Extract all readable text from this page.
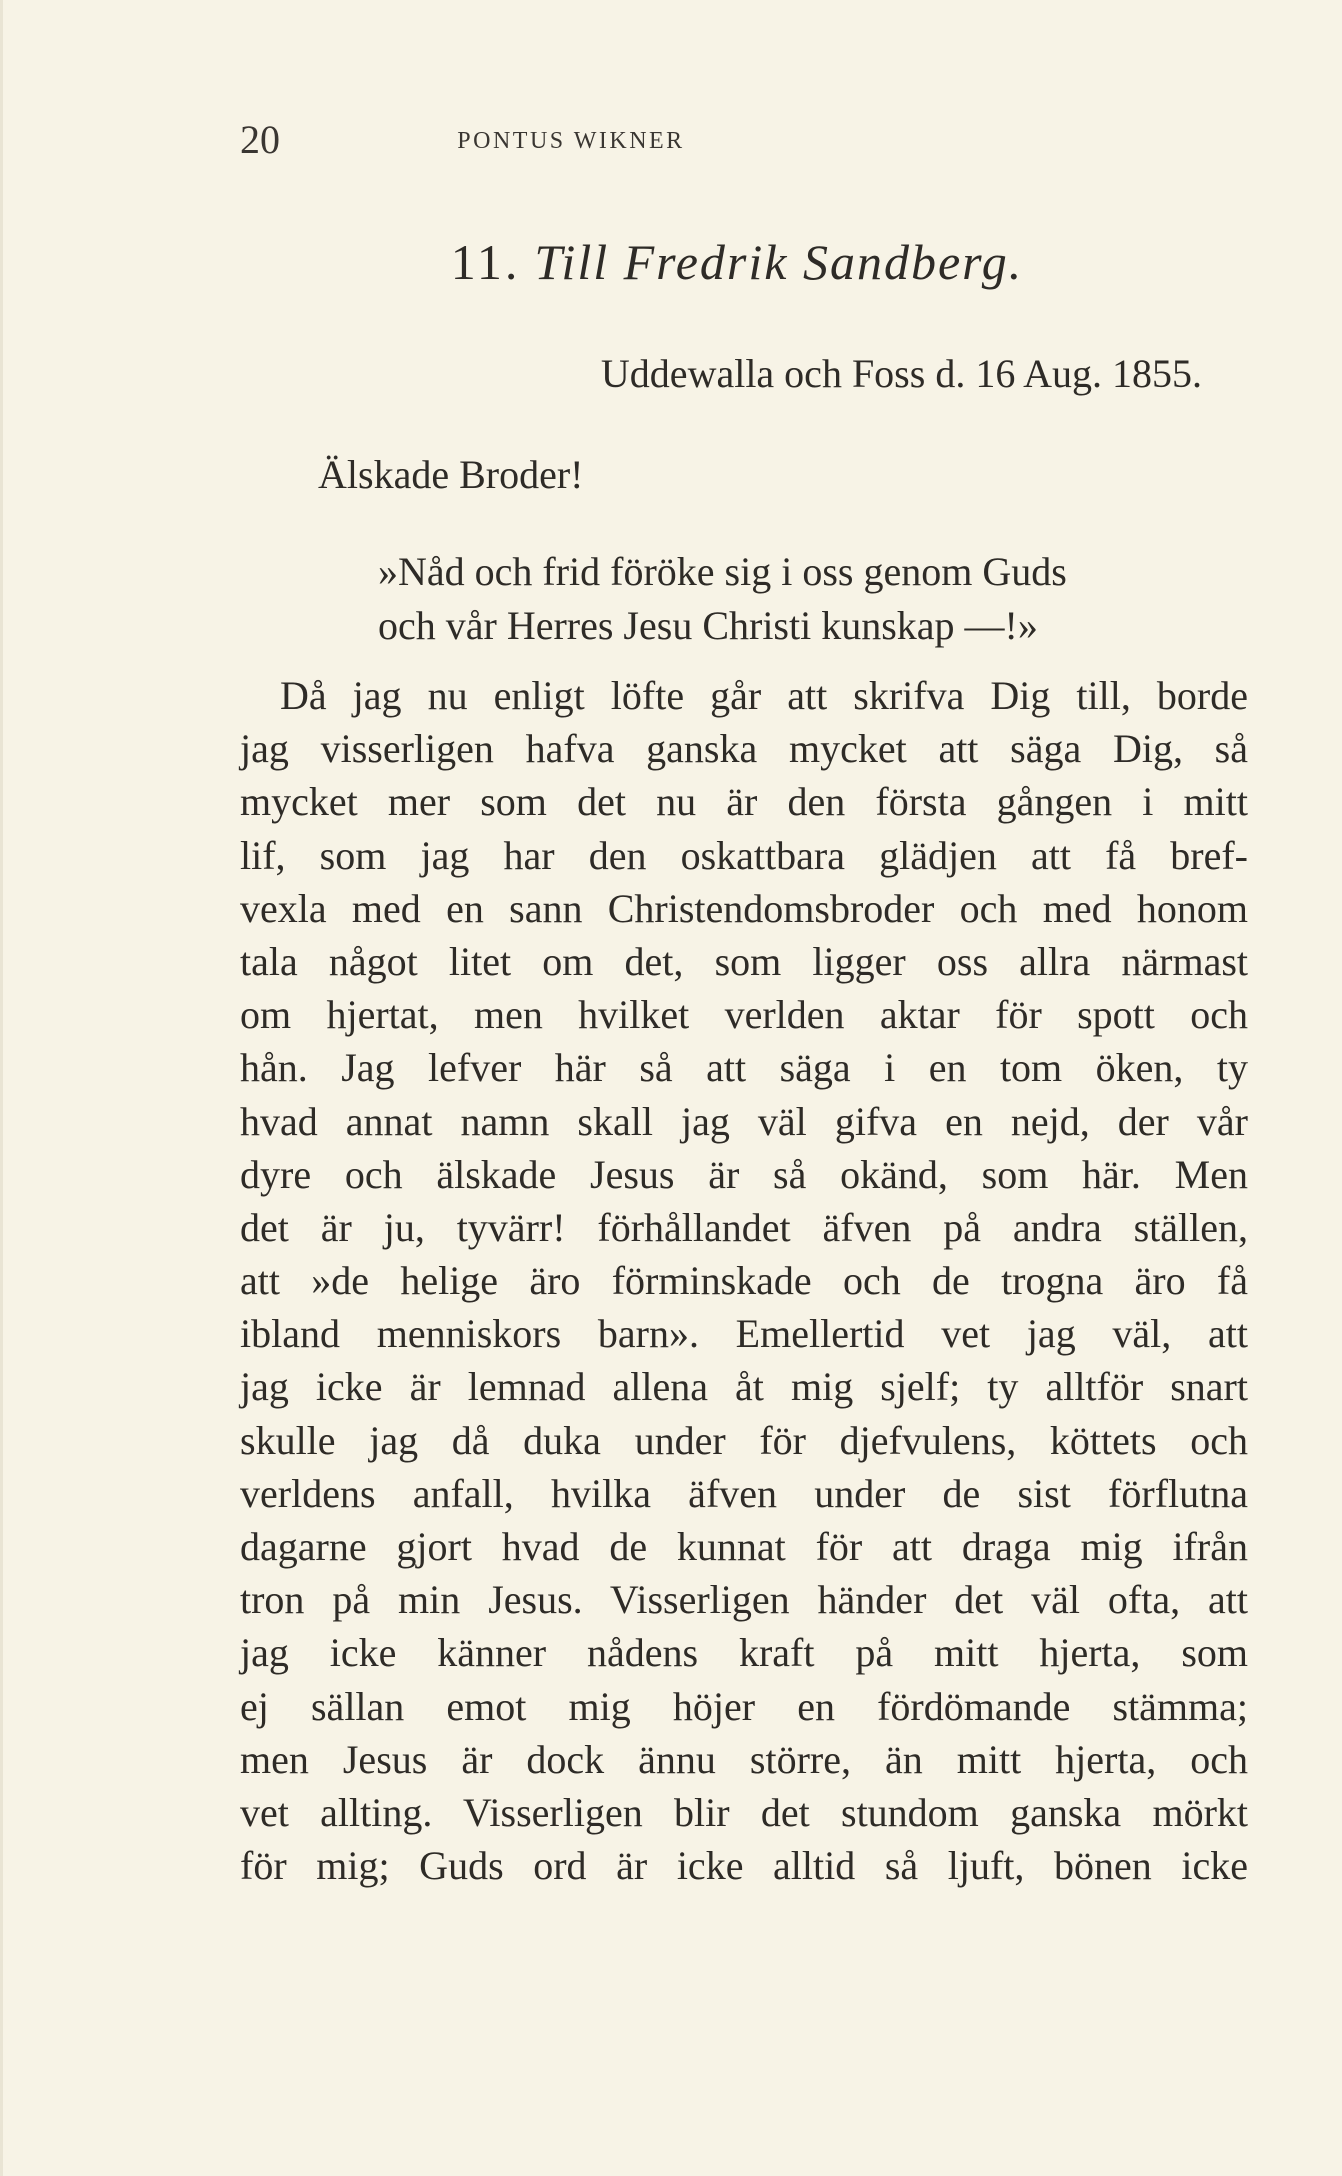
20	PONTUS WIKNER
11. Till Fredrik Sandberg.
Uddewalla och Foss d. 16 Aug. 1855.
Älskade Broder!
»Nåd och frid föröke sig i oss genom Guds
och vår Herres Jesu Christi kunskap —!»
Då jag nu enligt löfte går att skrifva Dig till, borde
jag visserligen hafva ganska mycket att säga Dig, så
mycket mer som det nu är den första gången i mitt
lif, som jag har den oskattbara glädjen att få bref-
vexla med en sann Christendomsbroder och med honom
tala något litet om det, som ligger oss allra närmast
om hjertat, men hvilket verlden aktar för spott och
hån. Jag lefver här så att säga i en tom öken, ty
hvad annat namn skall jag väl gifva en nejd, der vår
dyre och älskade Jesus är så okänd, som här. Men
det är ju, tyvärr! förhållandet äfven på andra ställen,
att »de helige äro förminskade och de trogna äro få
ibland menniskors barn». Emellertid vet jag väl, att
jag icke är lemnad allena åt mig sjelf; ty alltför snart
skulle jag då duka under för djefvulens, köttets och
verldens anfall, hvilka äfven under de sist förflutna
dagarne gjort hvad de kunnat för att draga mig ifrån
tron på min Jesus. Visserligen händer det väl ofta, att
jag icke känner nådens kraft på mitt hjerta, som
ej sällan emot mig höjer en fördömande stämma;
men Jesus är dock ännu större, än mitt hjerta, och
vet allting. Visserligen blir det stundom ganska mörkt
för mig; Guds ord är icke alltid så ljuft, bönen icke
